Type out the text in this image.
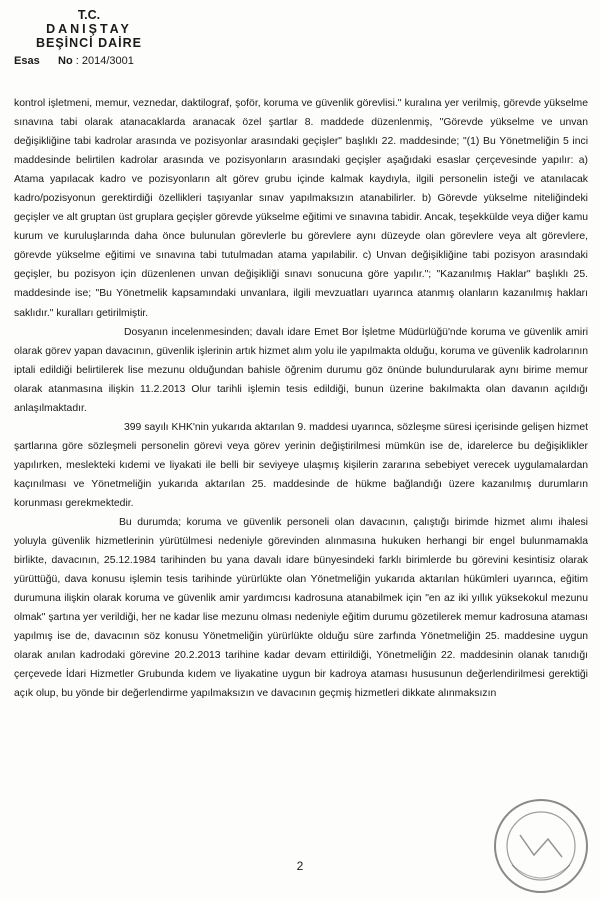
T.C.
DANIŞTAY
BEŞİNCİ DAİRE
Esas No : 2014/3001

kontrol işletmeni, memur, veznedar, daktilograf, şoför, koruma ve güvenlik görevlisi." kuralına yer verilmiş, görevde yükselme sınavına tabi olarak atanacaklarda aranacak özel şartlar 8. maddede düzenlenmiş, "Görevde yükselme ve unvan değişikliğine tabi kadrolar arasında ve pozisyonlar arasındaki geçişler" başlıklı 22. maddesinde; "(1) Bu Yönetmeliğin 5 inci maddesinde belirtilen kadrolar arasında ve pozisyonların arasındaki geçişler aşağıdaki esaslar çerçevesinde yapılır: a) Atama yapılacak kadro ve pozisyonların alt görev grubu içinde kalmak kaydıyla, ilgili personelin isteği ve atanılacak kadro/pozisyonun gerektirdiği özellikleri taşıyanlar sınav yapılmaksızın atanabilirler. b) Görevde yükselme niteliğindeki geçişler ve alt gruptan üst gruplara geçişler görevde yükselme eğitimi ve sınavına tabidir. Ancak, teşekkülde veya diğer kamu kurum ve kuruluşlarında daha önce bulunulan görevlerle bu görevlere aynı düzeyde olan görevlere veya alt görevlere, görevde yükselme eğitimi ve sınavına tabi tutulmadan atama yapılabilir. c) Unvan değişikliğine tabi pozisyon arasındaki geçişler, bu pozisyon için düzenlenen unvan değişikliği sınavı sonucuna göre yapılır."; "Kazanılmış Haklar" başlıklı 25. maddesinde ise; "Bu Yönetmelik kapsamındaki unvanlara, ilgili mevzuatları uyarınca atanmış olanların kazanılmış hakları saklıdır." kuralları getirilmiştir.

Dosyanın incelenmesinden; davalı idare Emet Bor İşletme Müdürlüğü'nde koruma ve güvenlik amiri olarak görev yapan davacının, güvenlik işlerinin artık hizmet alım yolu ile yapılmakta olduğu, koruma ve güvenlik kadrolarının iptali edildiği belirtilerek lise mezunu olduğundan bahisle öğrenim durumu göz önünde bulundurularak aynı birime memur olarak atanmasına ilişkin 11.2.2013 Olur tarihli işlemin tesis edildiği, bunun üzerine bakılmakta olan davanın açıldığı anlaşılmaktadır.

399 sayılı KHK'nin yukarıda aktarılan 9. maddesi uyarınca, sözleşme süresi içerisinde gelişen hizmet şartlarına göre sözleşmeli personelin görevi veya görev yerinin değiştirilmesi mümkün ise de, idarelerce bu değişiklikler yapılırken, meslekteki kıdemi ve liyakati ile belli bir seviyeye ulaşmış kişilerin zararına sebebiyet verecek uygulamalardan kaçınılması ve Yönetmeliğin yukarıda aktarılan 25. maddesinde de hükme bağlandığı üzere kazanılmış durumların korunması gerekmektedir.

Bu durumda; koruma ve güvenlik personeli olan davacının, çalıştığı birimde hizmet alımı ihalesi yoluyla güvenlik hizmetlerinin yürütülmesi nedeniyle görevinden alınmasına hukuken herhangi bir engel bulunmamakla birlikte, davacının, 25.12.1984 tarihinden bu yana davalı idare bünyesindeki farklı birimlerde bu görevini kesintisiz olarak yürüttüğü, dava konusu işlemin tesis tarihinde yürürlükte olan Yönetmeliğin yukarıda aktarılan hükümleri uyarınca, eğitim durumuna ilişkin olarak koruma ve güvenlik amir yardımcısı kadrosuna atanabilmek için "en az iki yıllık yüksekokul mezunu olmak" şartına yer verildiği, her ne kadar lise mezunu olması nedeniyle eğitim durumu gözetilerek memur kadrosuna ataması yapılmış ise de, davacının söz konusu Yönetmeliğin yürürlükte olduğu süre zarfında Yönetmeliğin 25. maddesine uygun olarak anılan kadrodaki görevine 20.2.2013 tarihine kadar devam ettirildiği, Yönetmeliğin 22. maddesinin olanak tanıdığı çerçevede İdari Hizmetler Grubunda kıdem ve liyakatine uygun bir kadroya ataması hususunun değerlendirilmesi gerektiği açık olup, bu yönde bir değerlendirme yapılmaksızın ve davacının geçmiş hizmetleri dikkate alınmaksızın

2
